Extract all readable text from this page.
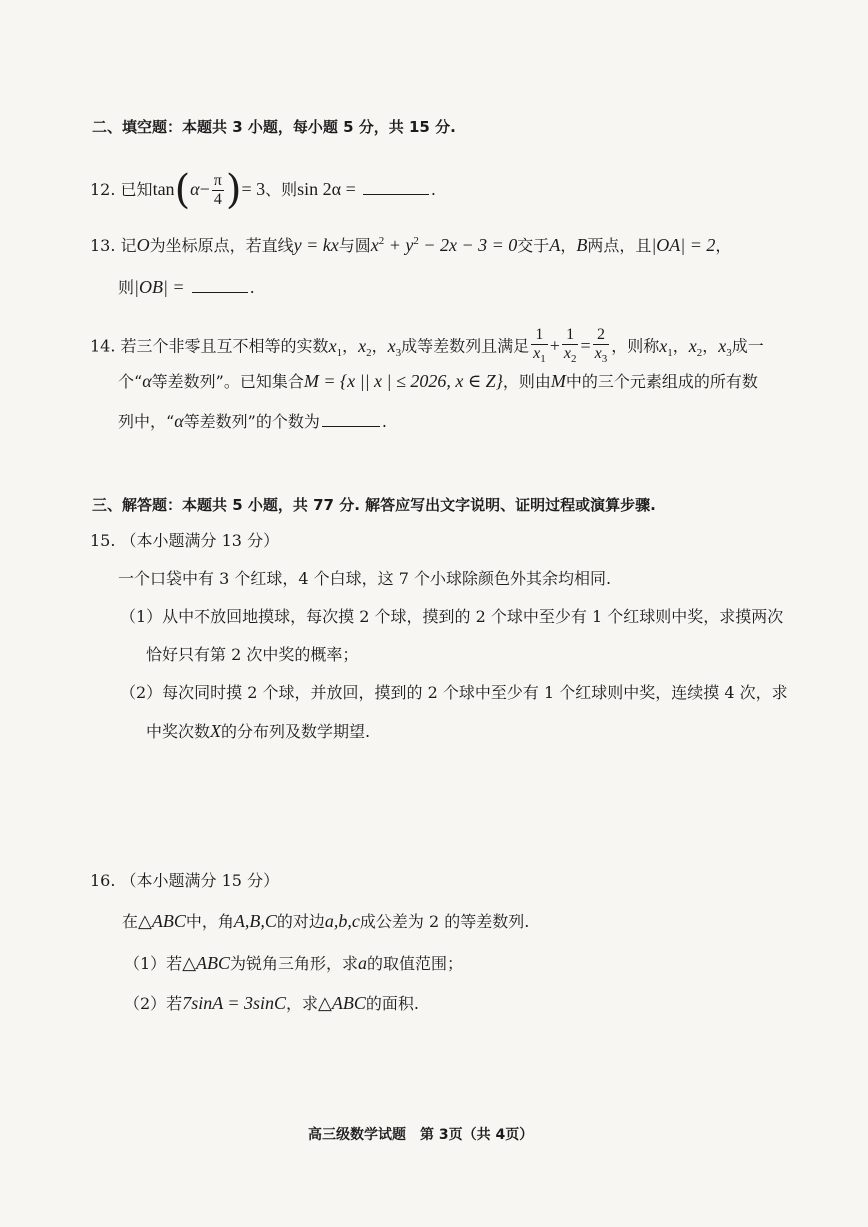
二、填空题：本题共 3 小题，每小题 5 分，共 15 分.
12. 已知$\tan(\alpha- \frac{\pi}{4}$ )= 3、则sin 2α =	.
13. 记O为坐标原点，若直线y = kx与圆$x^2 + y^2 - 2x - 3 = 0$交于A，B两点，且|OA| = 2，
则|OB| =	.
14. 若三个非零且互不相等的实数$x_1$，$x_2$，$x_3$成等差数列且满足 $\frac{1}{x_1} + \frac{1}{x_2} = \frac{2}{x_3}$ ，则称$x_1$，$x_2$，$x_3$成一
个“α等差数列”。已知集合M = {x || x | ≤ 2026, x ∈ Z}，则由M中的三个元素组成的所有数
列中，“α等差数列”的个数为	.
三、解答题：本题共 5 小题，共 77 分. 解答应写出文字说明、证明过程或演算步骤.
15. （本小题满分 13 分）
一个口袋中有 3 个红球，4 个白球，这 7 个小球除颜色外其余均相同.
（1）从中不放回地摸球，每次摸 2 个球，摸到的 2 个球中至少有 1 个红球则中奖，求摸两次
恰好只有第 2 次中奖的概率；
（2）每次同时摸 2 个球，并放回，摸到的 2 个球中至少有 1 个红球则中奖，连续摸 4 次，求
中奖次数X的分布列及数学期望.
16. （本小题满分 15 分）
在△ABC中，角A,B,C的对边a,b,c成公差为 2 的等差数列.
（1）若△ABC为锐角三角形，求a的取值范围；
（2）若7sinA = 3sinC，求△ABC的面积.
高三级数学试题　第 3页（共 4页）
